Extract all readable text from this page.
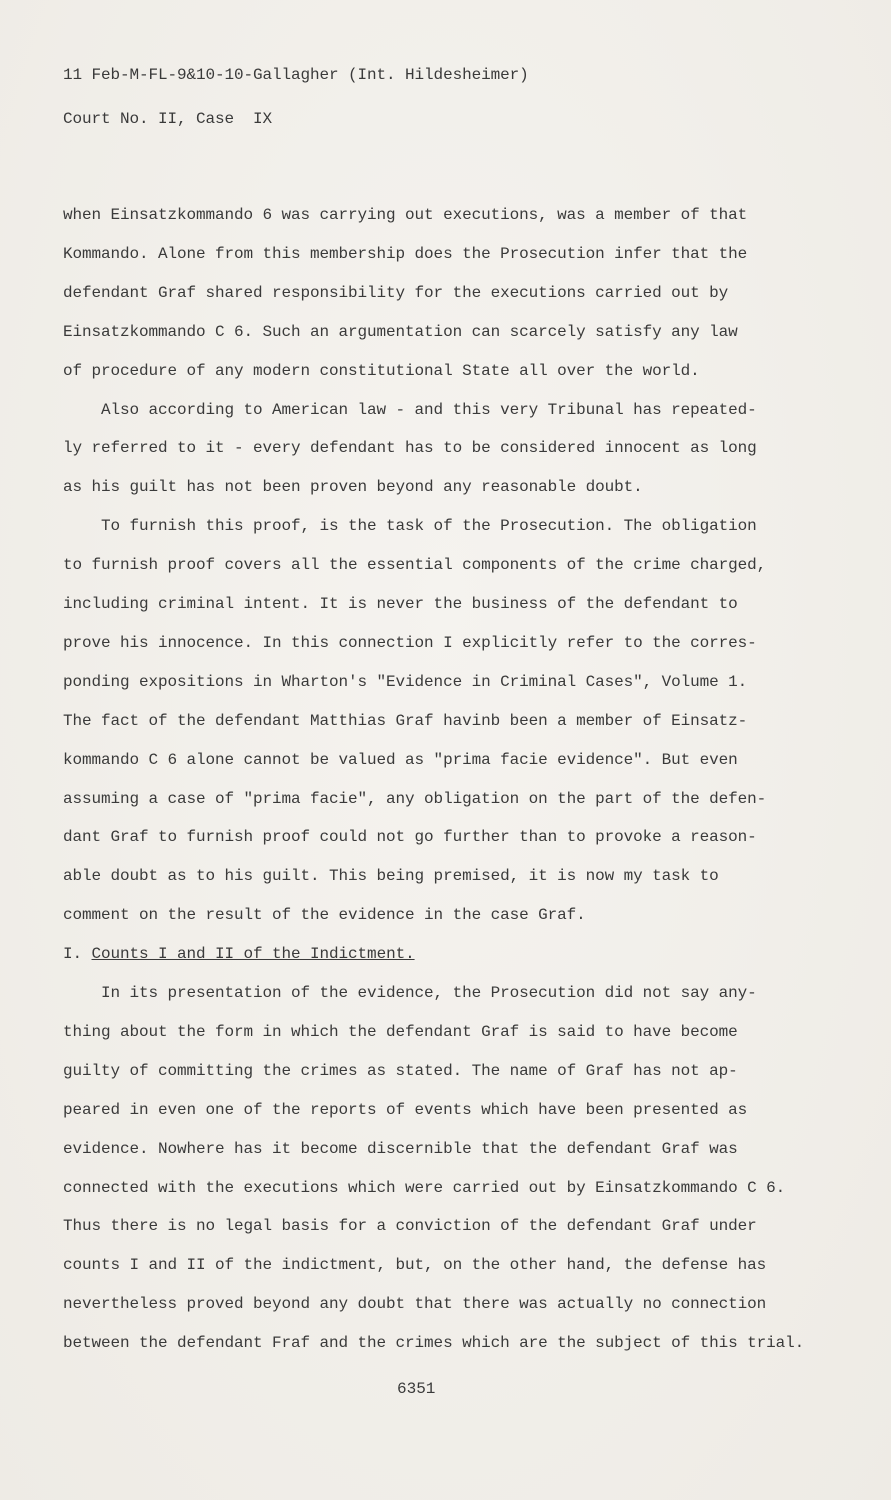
11 Feb-M-FL-9&10-10-Gallagher (Int. Hildesheimer)
Court No. II, Case  IX
when Einsatzkommando 6 was carrying out executions, was a member of that
Kommando. Alone from this membership does the Prosecution infer that the
defendant Graf shared responsibility for the executions carried out by
Einsatzkommando C 6. Such an argumentation can scarcely satisfy any law
of procedure of any modern constitutional State all over the world.
Also according to American law - and this very Tribunal has repeated-
ly referred to it - every defendant has to be considered innocent as long
as his guilt has not been proven beyond any reasonable doubt.
To furnish this proof, is the task of the Prosecution. The obligation
to furnish proof covers all the essential components of the crime charged,
including criminal intent. It is never the business of the defendant to
prove his innocence. In this connection I explicitly refer to the corres-
ponding expositions in Wharton's "Evidence in Criminal Cases", Volume 1.
The fact of the defendant Matthias Graf havinb been a member of Einsatz-
kommando C 6 alone cannot be valued as "prima facie evidence". But even
assuming a case of "prima facie", any obligation on the part of the defen-
dant Graf to furnish proof could not go further than to provoke a reason-
able doubt as to his guilt. This being premised, it is now my task to
comment on the result of the evidence in the case Graf.
I. Counts I and II of the Indictment.
In its presentation of the evidence, the Prosecution did not say any-
thing about the form in which the defendant Graf is said to have become
guilty of committing the crimes as stated. The name of Graf has not ap-
peared in even one of the reports of events which have been presented as
evidence. Nowhere has it become discernible that the defendant Graf was
connected with the executions which were carried out by Einsatzkommando C 6.
Thus there is no legal basis for a conviction of the defendant Graf under
counts I and II of the indictment, but, on the other hand, the defense has
nevertheless proved beyond any doubt that there was actually no connection
between the defendant Fraf and the crimes which are the subject of this trial.
6351
